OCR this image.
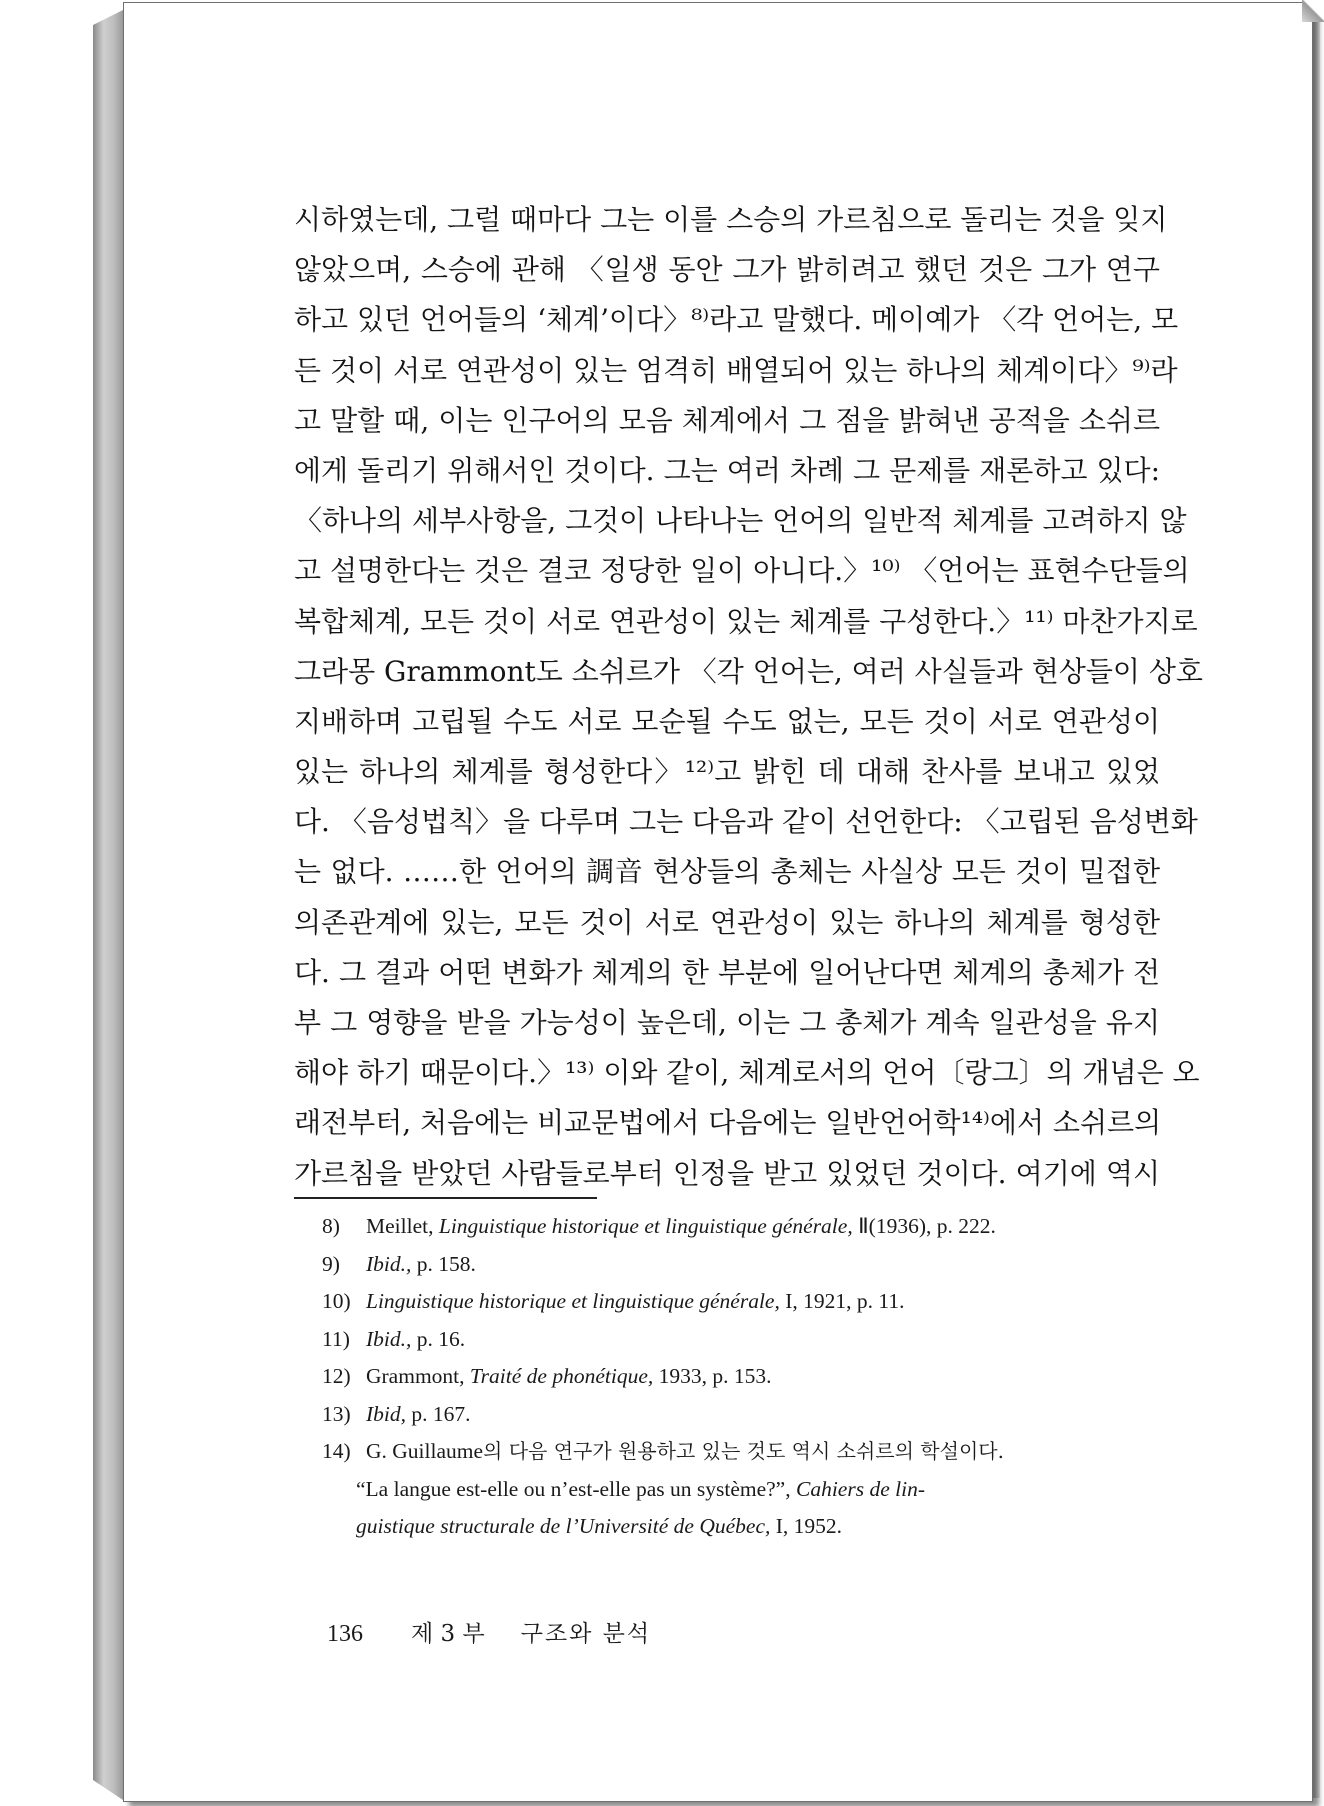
시하였는데, 그럴 때마다 그는 이를 스승의 가르침으로 돌리는 것을 잊지
않았으며, 스승에 관해 〈일생 동안 그가 밝히려고 했던 것은 그가 연구
하고 있던 언어들의 ‘체계’이다〉⁸⁾라고 말했다. 메이예가 〈각 언어는, 모
든 것이 서로 연관성이 있는 엄격히 배열되어 있는 하나의 체계이다〉⁹⁾라
고 말할 때, 이는 인구어의 모음 체계에서 그 점을 밝혀낸 공적을 소쉬르
에게 돌리기 위해서인 것이다. 그는 여러 차례 그 문제를 재론하고 있다:
〈하나의 세부사항을, 그것이 나타나는 언어의 일반적 체계를 고려하지 않
고 설명한다는 것은 결코 정당한 일이 아니다.〉¹⁰⁾ 〈언어는 표현수단들의
복합체계, 모든 것이 서로 연관성이 있는 체계를 구성한다.〉¹¹⁾ 마찬가지로
그라몽 Grammont도 소쉬르가 〈각 언어는, 여러 사실들과 현상들이 상호
지배하며 고립될 수도 서로 모순될 수도 없는, 모든 것이 서로 연관성이
있는 하나의 체계를 형성한다〉¹²⁾고 밝힌 데 대해 찬사를 보내고 있었
다. 〈음성법칙〉을 다루며 그는 다음과 같이 선언한다: 〈고립된 음성변화
는 없다. ……한 언어의 調音 현상들의 총체는 사실상 모든 것이 밀접한
의존관계에 있는, 모든 것이 서로 연관성이 있는 하나의 체계를 형성한
다. 그 결과 어떤 변화가 체계의 한 부분에 일어난다면 체계의 총체가 전
부 그 영향을 받을 가능성이 높은데, 이는 그 총체가 계속 일관성을 유지
해야 하기 때문이다.〉¹³⁾ 이와 같이, 체계로서의 언어〔랑그〕의 개념은 오
래전부터, 처음에는 비교문법에서 다음에는 일반언어학¹⁴⁾에서 소쉬르의
가르침을 받았던 사람들로부터 인정을 받고 있었던 것이다. 여기에 역시
8) Meillet, Linguistique historique et linguistique générale, Ⅱ(1936), p. 222.
9) Ibid., p. 158.
10) Linguistique historique et linguistique générale, I, 1921, p. 11.
11) Ibid., p. 16.
12) Grammont, Traité de phonétique, 1933, p. 153.
13) Ibid, p. 167.
14) G. Guillaume의 다음 연구가 원용하고 있는 것도 역시 소쉬르의 학설이다.
“La langue est-elle ou n’est-elle pas un système?”, Cahiers de lin-
guistique structurale de l’Université de Québec, I, 1952.
136 제 3 부 구조와 분석
